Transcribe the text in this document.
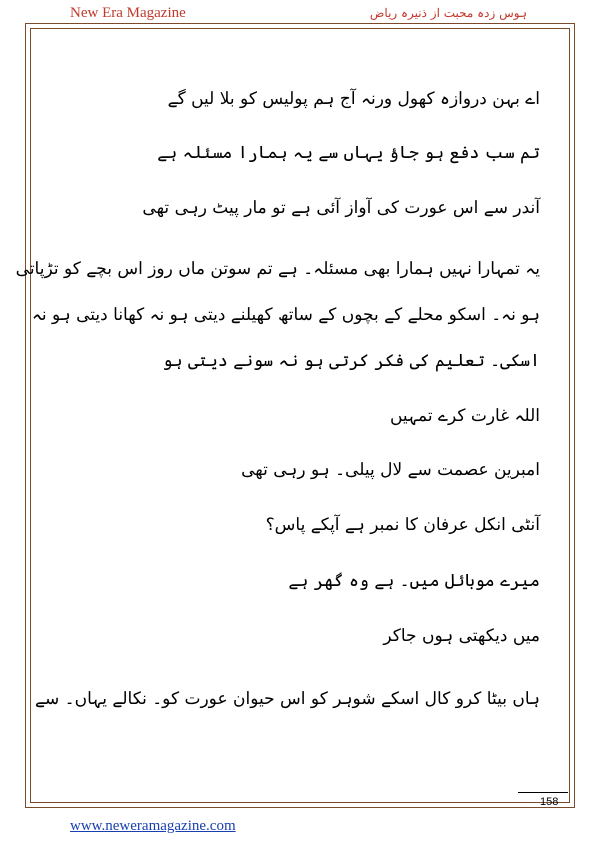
New Era Magazine	ہوس زدہ محبت از ذنیرہ ریاض
اے بہن دروازہ کھول ورنہ آج ہم پولیس کو بلا لیں گے
تم سب دفع ہو جاؤ یہاں سے یہ ہمارا مسئلہ ہے
آندر سے اس عورت کی آواز آئی ہے تو مار پیٹ رہی تھی
یہ تمہارا نہیں ہمارا بھی مسئلہ۔ ہے تم سوتن ماں روز اس بچے کو تڑپاتی
ہو نہ۔ اسکو محلے کے بچوں کے ساتھ کھیلنے دیتی ہو نہ کھانا دیتی ہو نہ
اسکی۔ تعلیم کی فکر کرتی ہو نہ سونے دیتی ہو
اللہ غارت کرے تمہیں
امبرین عصمت سے لال پیلی۔ ہو رہی تھی
آنٹی انکل عرفان کا نمبر ہے آپکے پاس؟
میرے موبائل میں۔ ہے وہ گھر ہے
میں دیکھتی ہوں جاکر
ہاں بیٹا کرو کال اسکے شوہر کو اس حیوان عورت کو۔ نکالے یہاں۔ سے
158
www.neweramagazine.com
